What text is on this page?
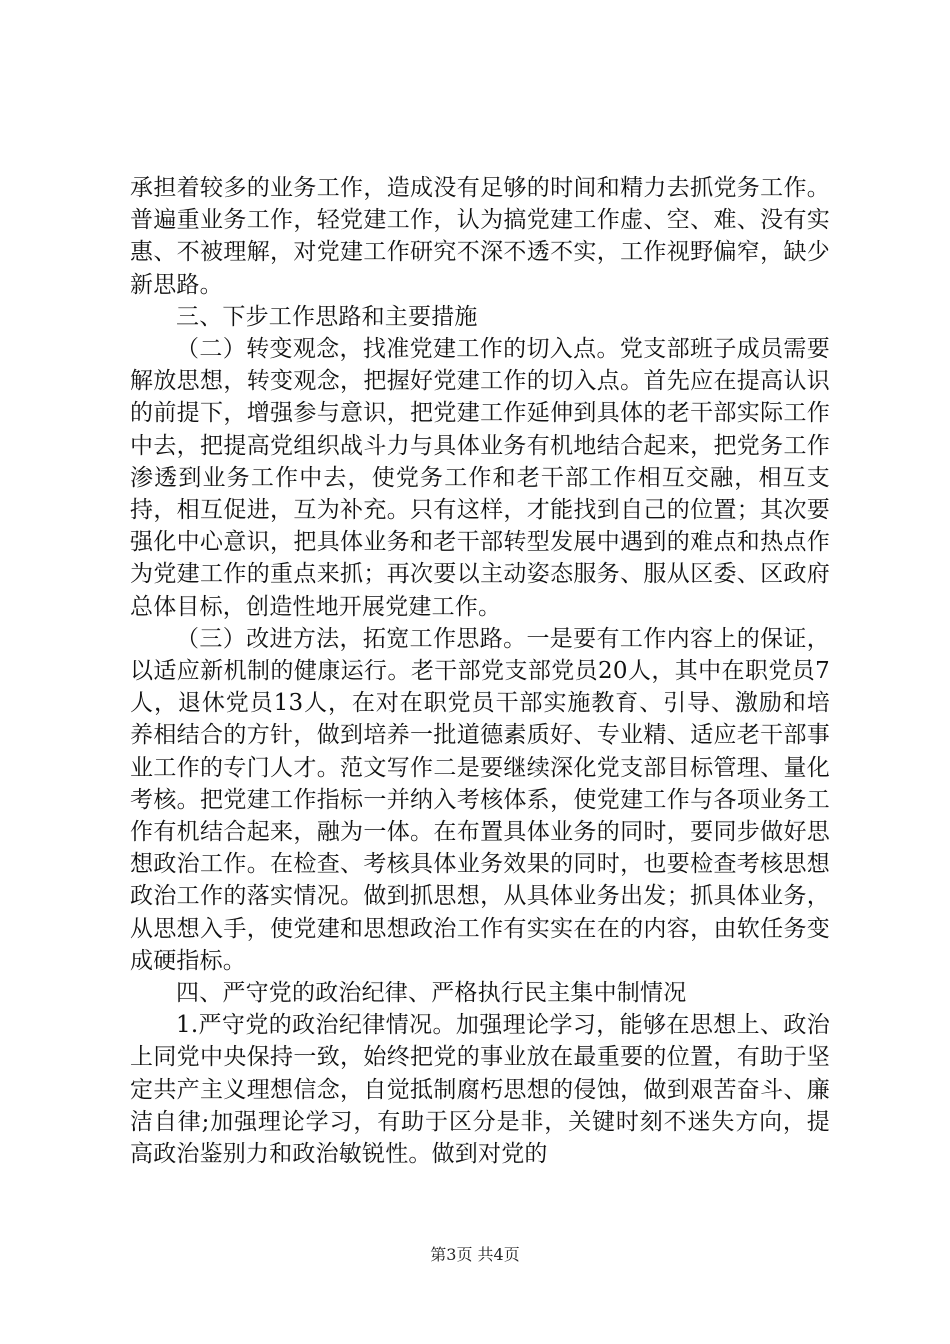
承担着较多的业务工作，造成没有足够的时间和精力去抓党务工作。普遍重业务工作，轻党建工作，认为搞党建工作虚、空、难、没有实惠、不被理解，对党建工作研究不深不透不实，工作视野偏窄，缺少新思路。

三、下步工作思路和主要措施

（二）转变观念，找准党建工作的切入点。党支部班子成员需要解放思想，转变观念，把握好党建工作的切入点。首先应在提高认识的前提下，增强参与意识，把党建工作延伸到具体的老干部实际工作中去，把提高党组织战斗力与具体业务有机地结合起来，把党务工作渗透到业务工作中去，使党务工作和老干部工作相互交融，相互支持，相互促进，互为补充。只有这样，才能找到自己的位置；其次要强化中心意识，把具体业务和老干部转型发展中遇到的难点和热点作为党建工作的重点来抓；再次要以主动姿态服务、服从区委、区政府总体目标，创造性地开展党建工作。

（三）改进方法，拓宽工作思路。一是要有工作内容上的保证，以适应新机制的健康运行。老干部党支部党员20人，其中在职党员7人，退休党员13人，在对在职党员干部实施教育、引导、激励和培养相结合的方针，做到培养一批道德素质好、专业精、适应老干部事业工作的专门人才。范文写作二是要继续深化党支部目标管理、量化考核。把党建工作指标一并纳入考核体系，使党建工作与各项业务工作有机结合起来，融为一体。在布置具体业务的同时，要同步做好思想政治工作。在检查、考核具体业务效果的同时，也要检查考核思想政治工作的落实情况。做到抓思想，从具体业务出发；抓具体业务，从思想入手，使党建和思想政治工作有实实在在的内容，由软任务变成硬指标。

四、严守党的政治纪律、严格执行民主集中制情况

1.严守党的政治纪律情况。加强理论学习，能够在思想上、政治上同党中央保持一致，始终把党的事业放在最重要的位置，有助于坚定共产主义理想信念，自觉抵制腐朽思想的侵蚀，做到艰苦奋斗、廉洁自律;加强理论学习，有助于区分是非，关键时刻不迷失方向，提高政治鉴别力和政治敏锐性。做到对党的

第3页 共4页
